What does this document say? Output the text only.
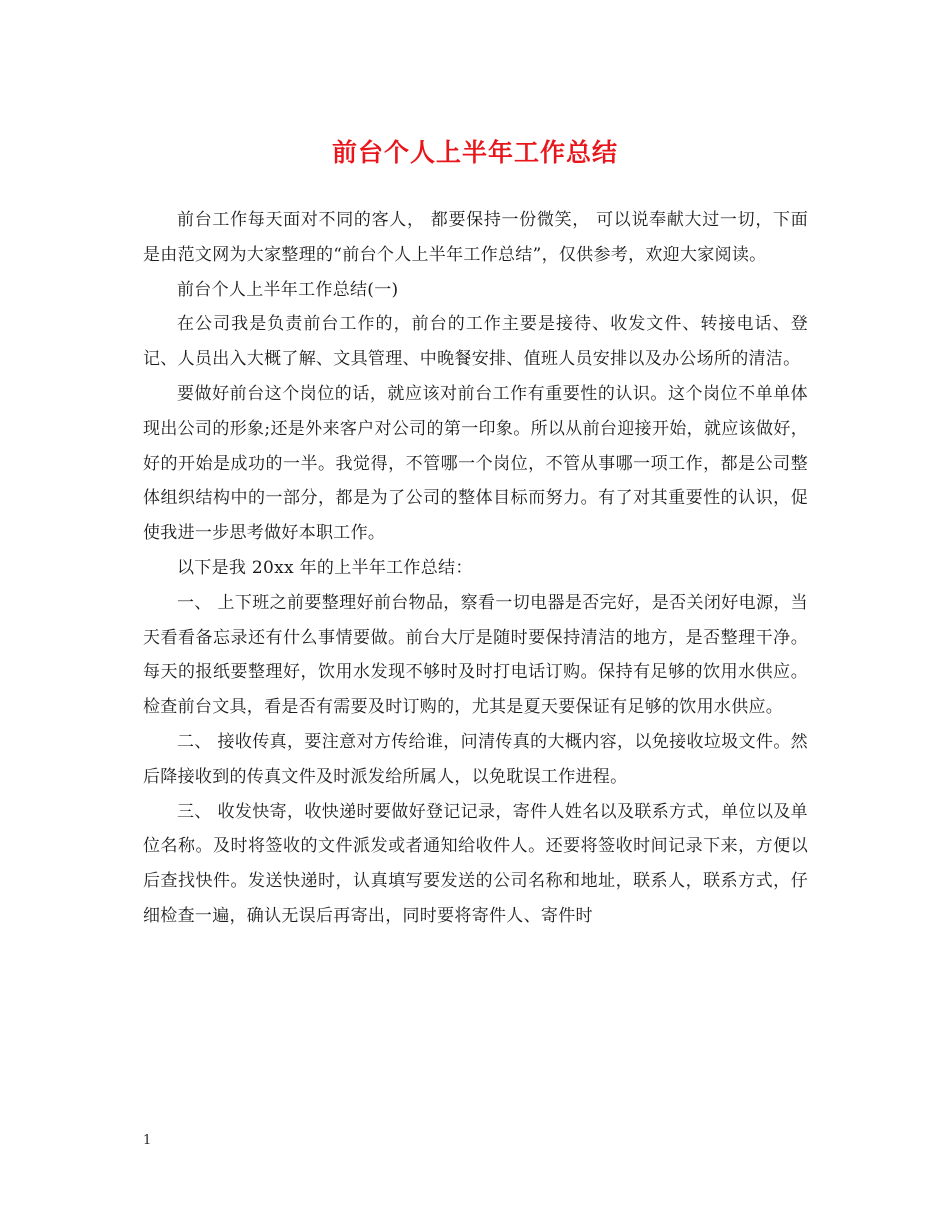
前台个人上半年工作总结

前台工作每天面对不同的客人， 都要保持一份微笑， 可以说奉献大过一切，下面是由范文网为大家整理的“前台个人上半年工作总结”，仅供参考，欢迎大家阅读。

前台个人上半年工作总结(一)

在公司我是负责前台工作的，前台的工作主要是接待、收发文件、转接电话、登记、人员出入大概了解、文具管理、中晚餐安排、值班人员安排以及办公场所的清洁。

要做好前台这个岗位的话，就应该对前台工作有重要性的认识。这个岗位不单单体现出公司的形象;还是外来客户对公司的第一印象。所以从前台迎接开始，就应该做好，好的开始是成功的一半。我觉得，不管哪一个岗位，不管从事哪一项工作，都是公司整体组织结构中的一部分，都是为了公司的整体目标而努力。有了对其重要性的认识，促使我进一步思考做好本职工作。

以下是我 20xx 年的上半年工作总结：

一、 上下班之前要整理好前台物品，察看一切电器是否完好，是否关闭好电源，当天看看备忘录还有什么事情要做。前台大厅是随时要保持清洁的地方，是否整理干净。每天的报纸要整理好，饮用水发现不够时及时打电话订购。保持有足够的饮用水供应。检查前台文具，看是否有需要及时订购的，尤其是夏天要保证有足够的饮用水供应。

二、 接收传真，要注意对方传给谁，问清传真的大概内容，以免接收垃圾文件。然后降接收到的传真文件及时派发给所属人，以免耽误工作进程。

三、 收发快寄，收快递时要做好登记记录，寄件人姓名以及联系方式，单位以及单位名称。及时将签收的文件派发或者通知给收件人。还要将签收时间记录下来，方便以后查找快件。发送快递时，认真填写要发送的公司名称和地址，联系人，联系方式，仔细检查一遍，确认无误后再寄出，同时要将寄件人、寄件时

1
